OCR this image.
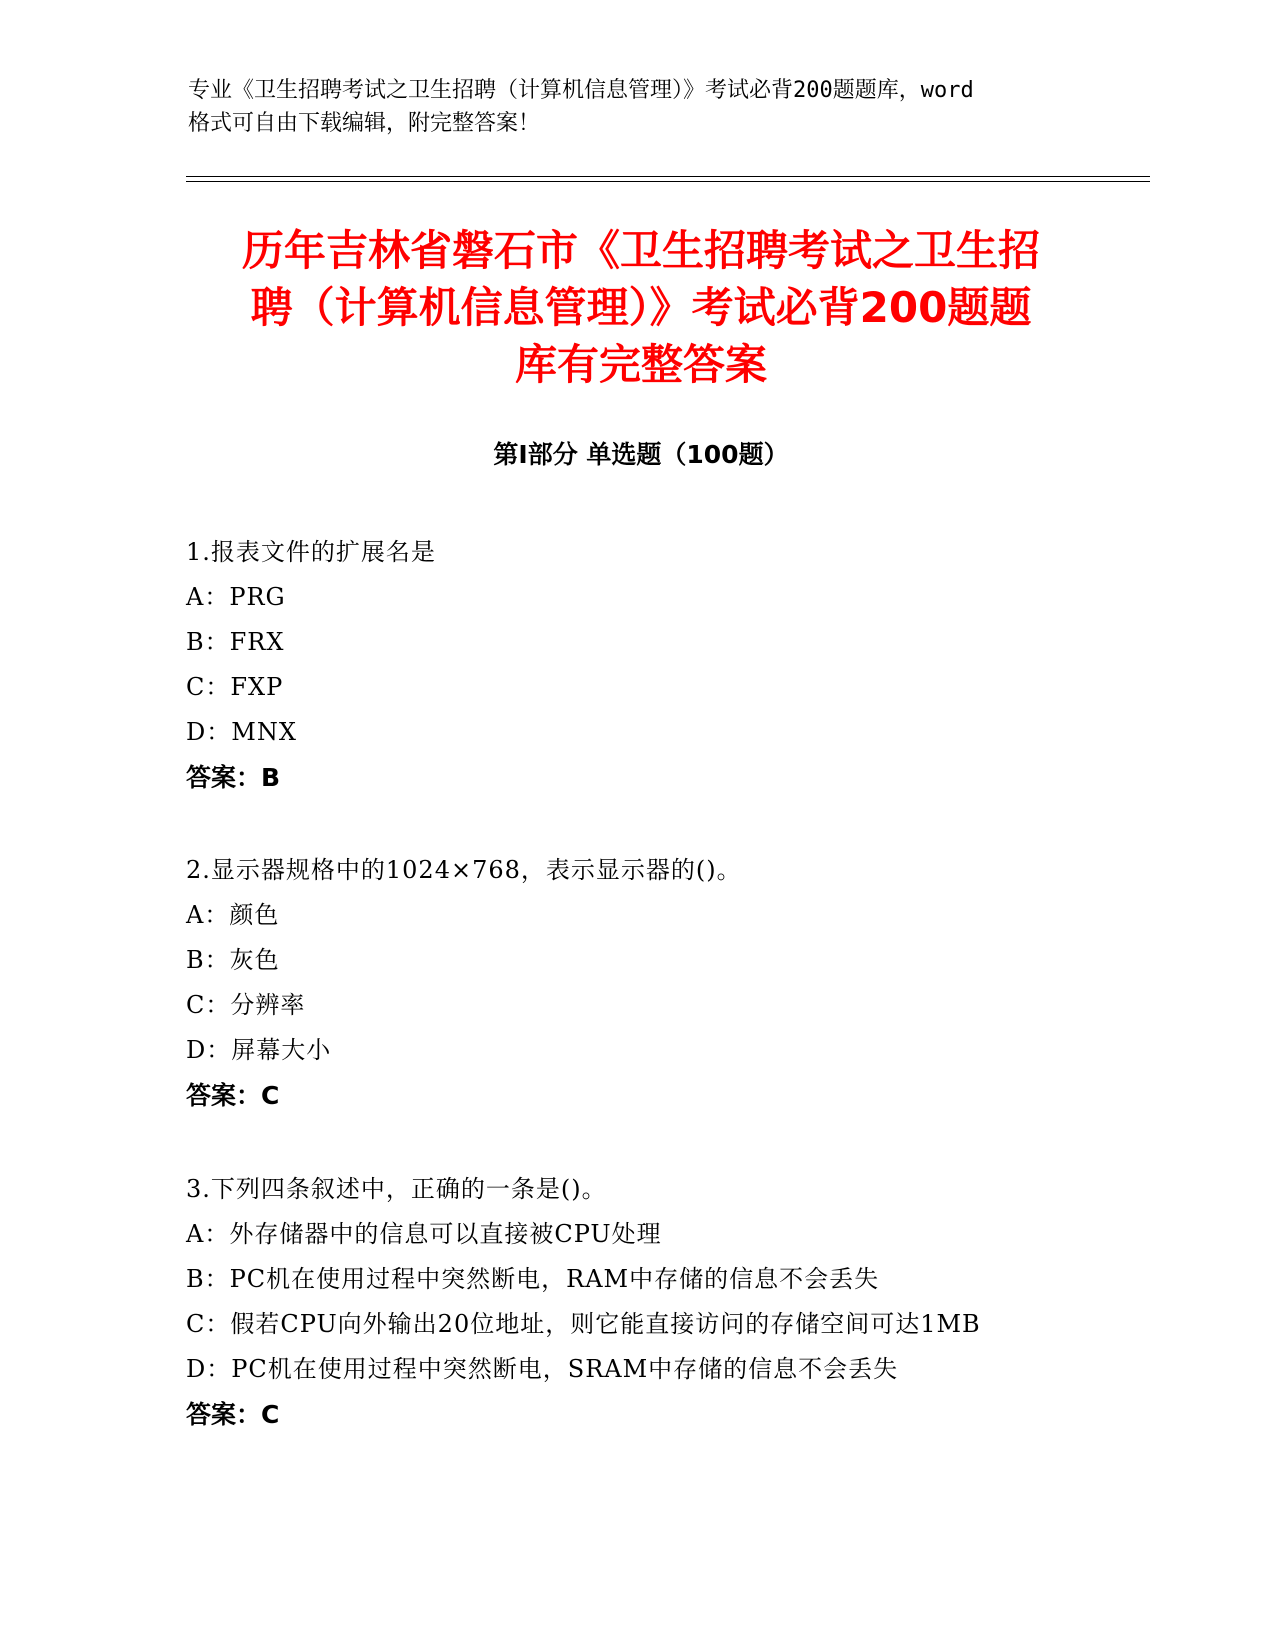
专业《卫生招聘考试之卫生招聘（计算机信息管理）》考试必背200题题库，word
格式可自由下载编辑，附完整答案！
历年吉林省磐石市《卫生招聘考试之卫生招
聘（计算机信息管理）》考试必背200题题
库有完整答案
第Ⅰ部分 单选题（100题）
1.报表文件的扩展名是
A：PRG
B：FRX
C：FXP
D：MNX
答案：B
2.显示器规格中的1024×768，表示显示器的()。
A：颜色
B：灰色
C：分辨率
D：屏幕大小
答案：C
3.下列四条叙述中，正确的一条是()。
A：外存储器中的信息可以直接被CPU处理
B：PC机在使用过程中突然断电，RAM中存储的信息不会丢失
C：假若CPU向外输出20位地址，则它能直接访问的存储空间可达1MB
D：PC机在使用过程中突然断电，SRAM中存储的信息不会丢失
答案：C
